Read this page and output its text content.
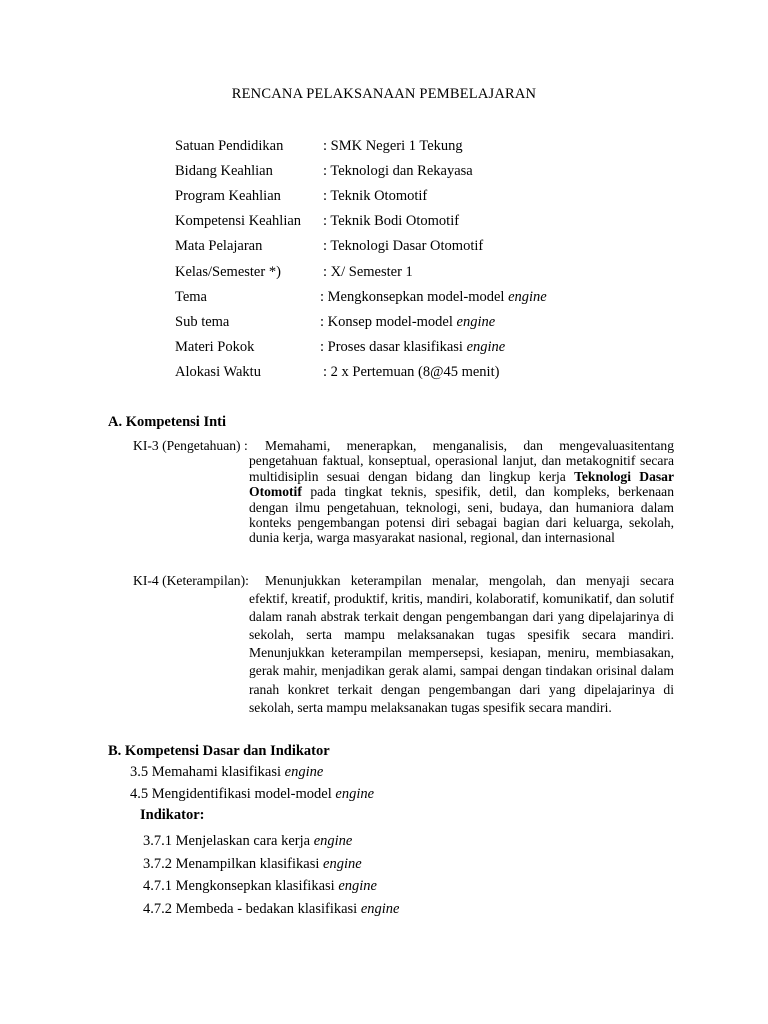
RENCANA PELAKSANAAN PEMBELAJARAN
Satuan Pendidikan	: SMK Negeri 1 Tekung
Bidang Keahlian	: Teknologi dan Rekayasa
Program Keahlian	: Teknik Otomotif
Kompetensi Keahlian : Teknik Bodi Otomotif
Mata Pelajaran	: Teknologi Dasar Otomotif
Kelas/Semester *)	: X/ Semester 1
Tema	: Mengkonsepkan model-model engine
Sub tema	: Konsep model-model engine
Materi Pokok	: Proses dasar klasifikasi engine
Alokasi Waktu	: 2 x Pertemuan (8@45 menit)
A. Kompetensi Inti
KI-3 (Pengetahuan) :	Memahami, menerapkan, menganalisis, dan mengevaluasitentang pengetahuan faktual, konseptual, operasional lanjut, dan metakognitif secara multidisiplin sesuai dengan bidang dan lingkup kerja Teknologi Dasar Otomotif pada tingkat teknis, spesifik, detil, dan kompleks, berkenaan dengan ilmu pengetahuan, teknologi, seni, budaya, dan humaniora dalam konteks pengembangan potensi diri sebagai bagian dari keluarga, sekolah, dunia kerja, warga masyarakat nasional, regional, dan internasional
KI-4 (Keterampilan):	Menunjukkan keterampilan menalar, mengolah, dan menyaji secara efektif, kreatif, produktif, kritis, mandiri, kolaboratif, komunikatif, dan solutif dalam ranah abstrak terkait dengan pengembangan dari yang dipelajarinya di sekolah, serta mampu melaksanakan tugas spesifik secara mandiri. Menunjukkan keterampilan mempersepsi, kesiapan, meniru, membiasakan, gerak mahir, menjadikan gerak alami, sampai dengan tindakan orisinal dalam ranah konkret terkait dengan pengembangan dari yang dipelajarinya di sekolah, serta mampu melaksanakan tugas spesifik secara mandiri.
B. Kompetensi Dasar dan Indikator
3.5 Memahami klasifikasi engine
4.5 Mengidentifikasi model-model engine
Indikator:
3.7.1 Menjelaskan cara kerja engine
3.7.2 Menampilkan klasifikasi engine
4.7.1 Mengkonsepkan klasifikasi engine
4.7.2 Membeda - bedakan klasifikasi engine
